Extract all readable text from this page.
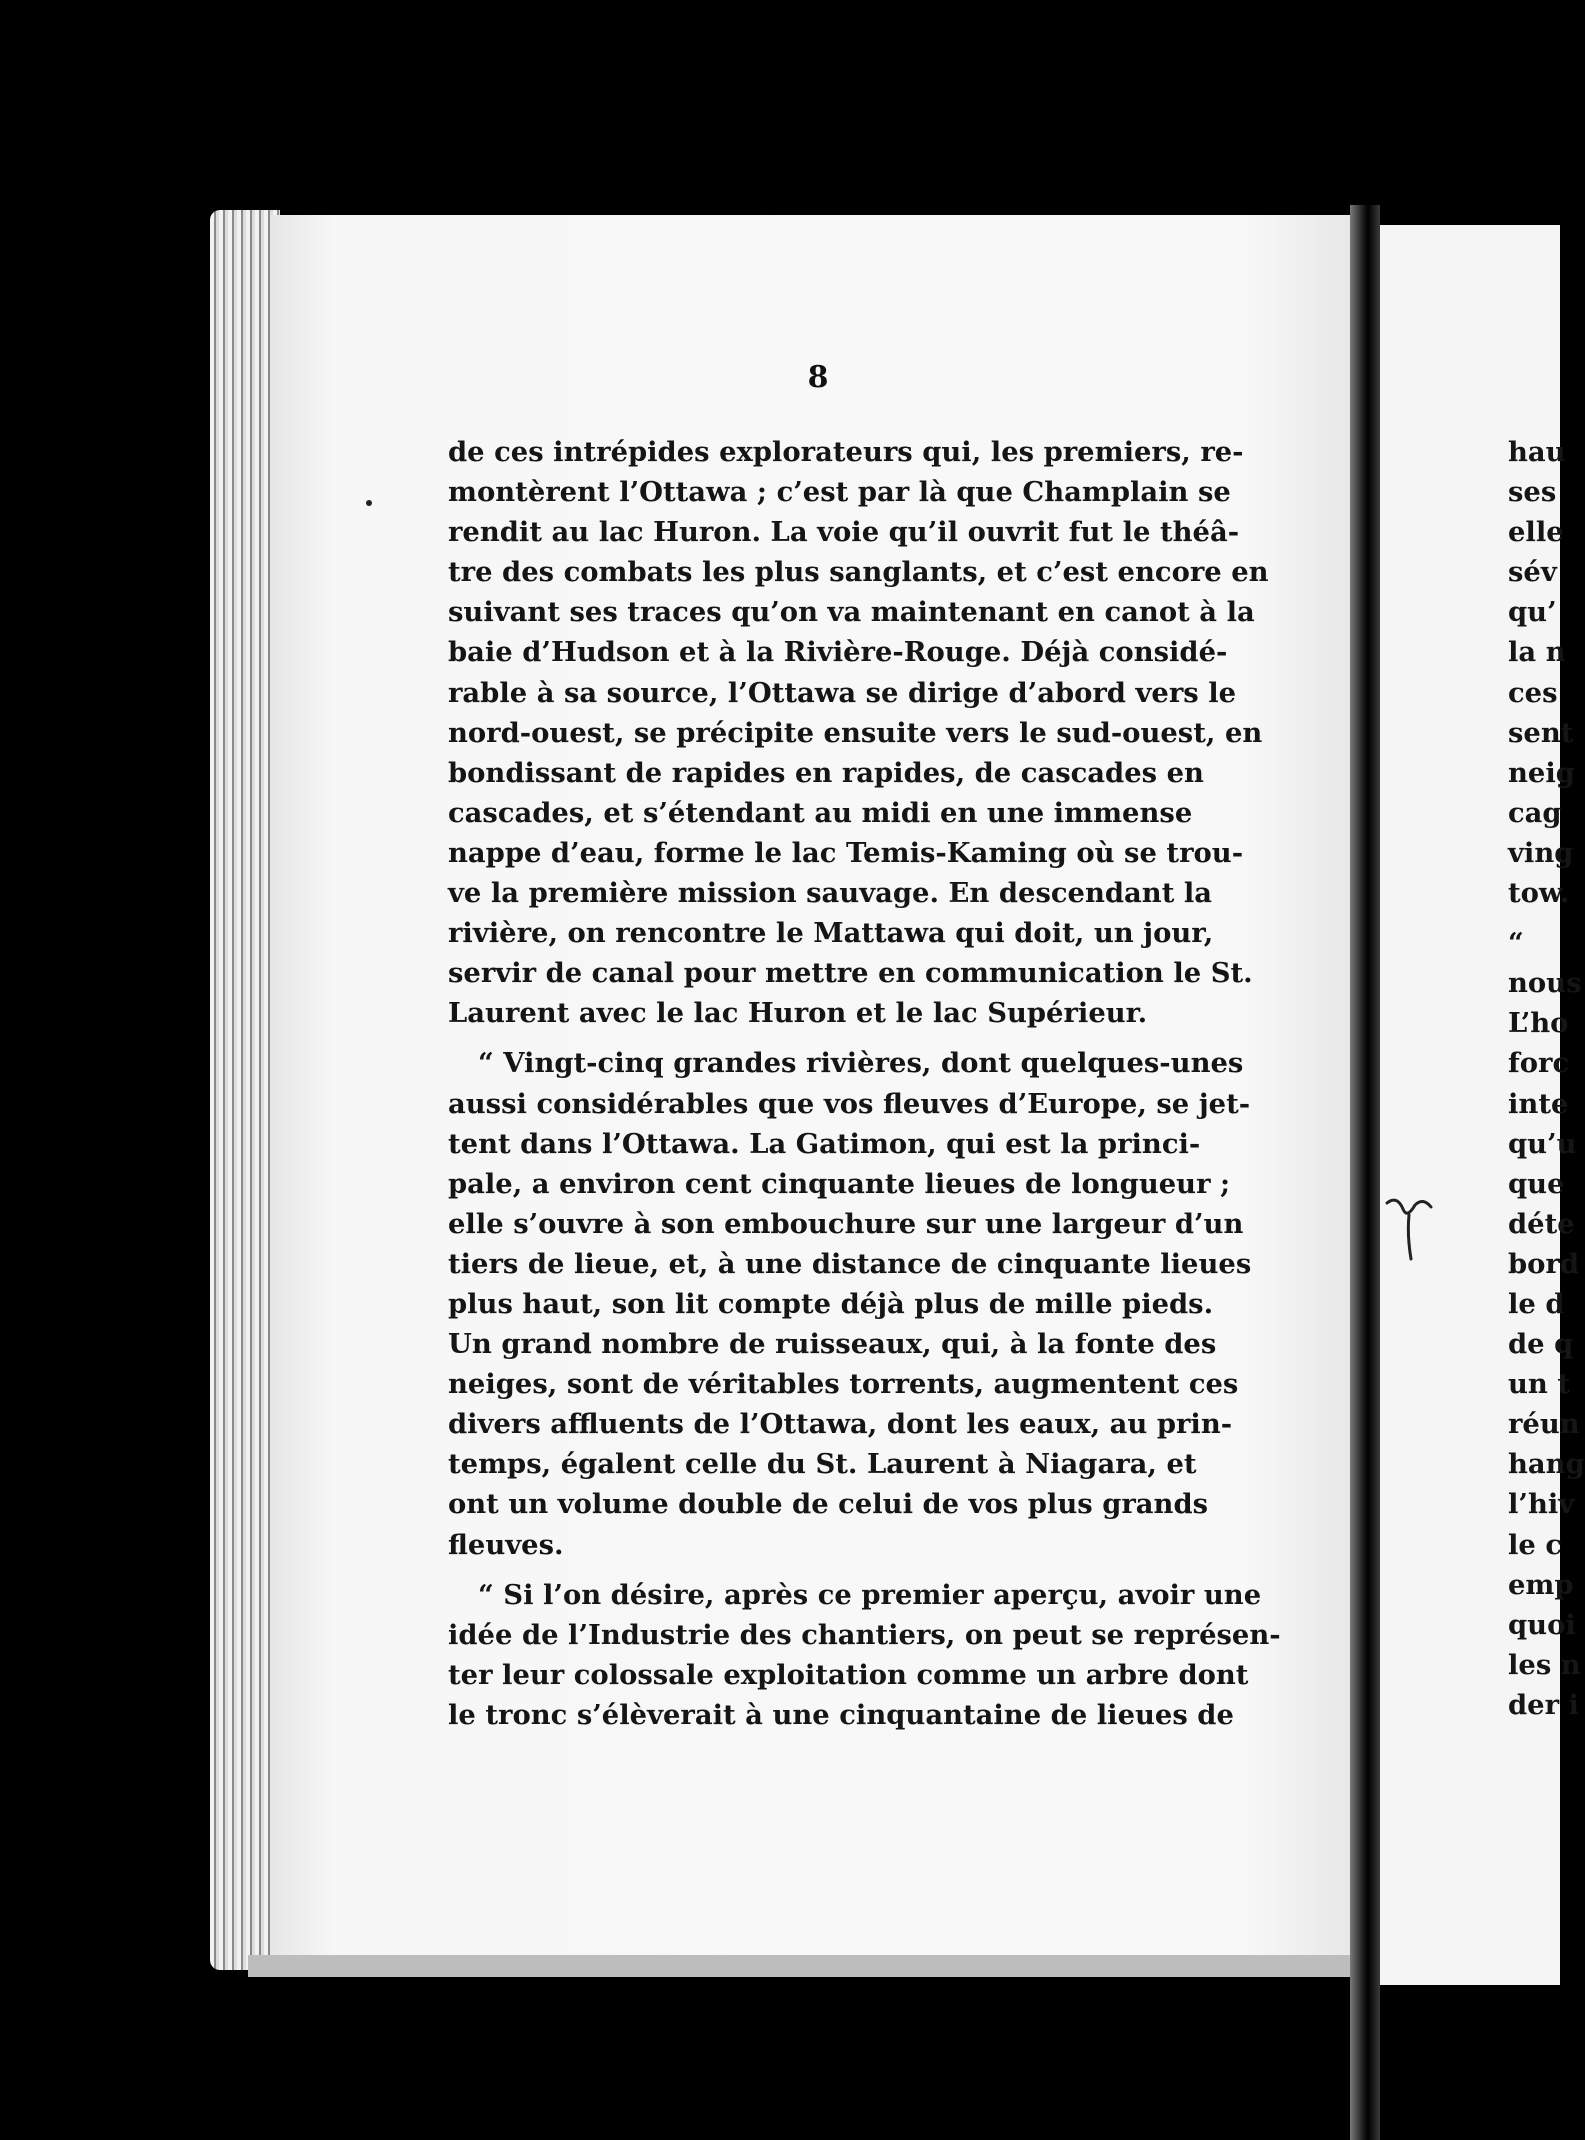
8
de ces intrépides explorateurs qui, les premiers, re-
montèrent l’Ottawa ; c’est par là que Champlain se
rendit au lac Huron. La voie qu’il ouvrit fut le théâ-
tre des combats les plus sanglants, et c’est encore en
suivant ses traces qu’on va maintenant en canot à la
baie d’Hudson et à la Rivière-Rouge. Déjà considé-
rable à sa source, l’Ottawa se dirige d’abord vers le
nord-ouest, se précipite ensuite vers le sud-ouest, en
bondissant de rapides en rapides, de cascades en
cascades, et s’étendant au midi en une immense
nappe d’eau, forme le lac Temis-Kaming où se trou-
ve la première mission sauvage. En descendant la
rivière, on rencontre le Mattawa qui doit, un jour,
servir de canal pour mettre en communication le St.
Laurent avec le lac Huron et le lac Supérieur.
“ Vingt-cinq grandes rivières, dont quelques-unes
aussi considérables que vos fleuves d’Europe, se jet-
tent dans l’Ottawa. La Gatimon, qui est la princi-
pale, a environ cent cinquante lieues de longueur ;
elle s’ouvre à son embouchure sur une largeur d’un
tiers de lieue, et, à une distance de cinquante lieues
plus haut, son lit compte déjà plus de mille pieds.
Un grand nombre de ruisseaux, qui, à la fonte des
neiges, sont de véritables torrents, augmentent ces
divers affluents de l’Ottawa, dont les eaux, au prin-
temps, égalent celle du St. Laurent à Niagara, et
ont un volume double de celui de vos plus grands
fleuves.
“ Si l’on désire, après ce premier aperçu, avoir une
idée de l’Industrie des chantiers, on peut se représen-
ter leur colossale exploitation comme un arbre dont
le tronc s’élèverait à une cinquantaine de lieues de
hau
ses
elle
sév
qu’
la n
ces
sent
neig
cag
ving
tow.
“
nous
L’ho
forc
inte
qu’u
que
déte
bord
le d
de q
un t
réun
hang
l’hiv
le c
emp
quoi
les n
der i
